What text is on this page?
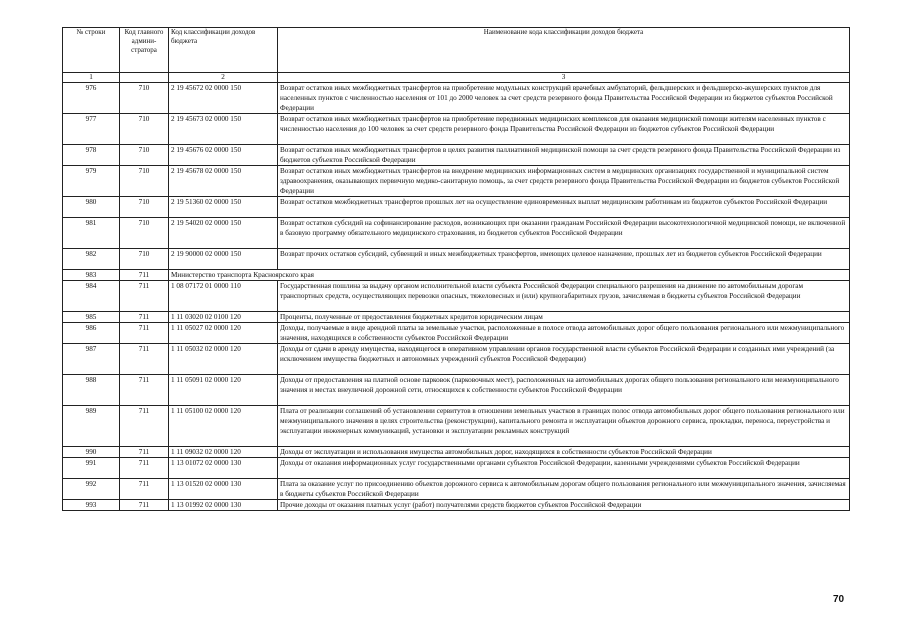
№ строки	Код главного админи-стратора	Код классификации доходов бюджета	Наименование кода классификации доходов бюджета
1		2	3
976	710	2 19 45672 02 0000 150	Возврат остатков иных межбюджетных трансфертов на приобретение модульных конструкций врачебных амбулаторий, фельдшерских и фельдшерско-акушерских пунктов для населенных пунктов с численностью населения от 101 до 2000 человек за счет средств резервного фонда Правительства Российской Федерации из бюджетов субъектов Российской Федерации
977	710	2 19 45673 02 0000 150	Возврат остатков иных межбюджетных трансфертов на приобретение передвижных медицинских комплексов для оказания медицинской помощи жителям населенных пунктов с численностью населения до 100 человек за счет средств резервного фонда Правительства Российской Федерации из бюджетов субъектов Российской Федерации
978	710	2 19 45676 02 0000 150	Возврат остатков иных межбюджетных трансфертов в целях развития паллиативной медицинской помощи за счет средств резервного фонда Правительства Российской Федерации из бюджетов субъектов Российской Федерации
979	710	2 19 45678 02 0000 150	Возврат остатков иных межбюджетных трансфертов на внедрение медицинских информационных систем в медицинских организациях государственной и муниципальной систем здравоохранения, оказывающих первичную медико-санитарную помощь, за счет средств резервного фонда Правительства Российской Федерации из бюджетов субъектов Российской Федерации
980	710	2 19 51360 02 0000 150	Возврат остатков межбюджетных трансфертов прошлых лет на осуществление единовременных выплат медицинским работникам из бюджетов субъектов Российской Федерации
981	710	2 19 54020 02 0000 150	Возврат остатков субсидий на софинансирование расходов, возникающих при оказании гражданам Российской Федерации высокотехнологичной медицинской помощи, не включенной в базовую программу обязательного медицинского страхования, из бюджетов субъектов Российской Федерации
982	710	2 19 90000 02 0000 150	Возврат прочих остатков субсидий, субвенций и иных межбюджетных трансфертов, имеющих целевое назначение, прошлых лет из бюджетов субъектов Российской Федерации
983	711	Министерство транспорта Красноярского края	
984	711	1 08 07172 01 0000 110	Государственная пошлина за выдачу органом исполнительной власти субъекта Российской Федерации специального разрешения на движение по автомобильным дорогам транспортных средств, осуществляющих перевозки опасных, тяжеловесных и (или) крупногабаритных грузов, зачисляемая в бюджеты субъектов Российской Федерации
985	711	1 11 03020 02 0100 120	Проценты, полученные от предоставления бюджетных кредитов юридическим лицам
986	711	1 11 05027 02 0000 120	Доходы, получаемые в виде арендной платы за земельные участки, расположенные в полосе отвода автомобильных дорог общего пользования регионального или межмуниципального значения, находящихся в собственности субъектов Российской Федерации
987	711	1 11 05032 02 0000 120	Доходы от сдачи в аренду имущества, находящегося в оперативном управлении органов государственной власти субъектов Российской Федерации и созданных ими учреждений (за исключением имущества бюджетных и автономных учреждений субъектов Российской Федерации)
988	711	1 11 05091 02 0000 120	Доходы от предоставления на платной основе парковок (парковочных мест), расположенных на автомобильных дорогах общего пользования регионального или межмуниципального значения и местах внеуличной дорожной сети, относящихся к собственности субъектов Российской Федерации
989	711	1 11 05100 02 0000 120	Плата от реализации соглашений об установлении сервитутов в отношении земельных участков в границах полос отвода автомобильных дорог общего пользования регионального или межмуниципального значения в целях строительства (реконструкции), капитального ремонта и эксплуатации объектов дорожного сервиса, прокладки, переноса, переустройства и эксплуатации инженерных коммуникаций, установки и эксплуатации рекламных конструкций
990	711	1 11 09032 02 0000 120	Доходы от эксплуатации и использования имущества автомобильных дорог, находящихся в собственности субъектов Российской Федерации
991	711	1 13 01072 02 0000 130	Доходы от оказания информационных услуг государственными органами субъектов Российской Федерации, казенными учреждениями субъектов Российской Федерации
992	711	1 13 01520 02 0000 130	Плата за оказание услуг по присоединению объектов дорожного сервиса к автомобильным дорогам общего пользования регионального или межмуниципального значения, зачисляемая в бюджеты субъектов Российской Федерации
993	711	1 13 01992 02 0000 130	Прочие доходы от оказания платных услуг (работ) получателями средств бюджетов субъектов Российской Федерации
70
